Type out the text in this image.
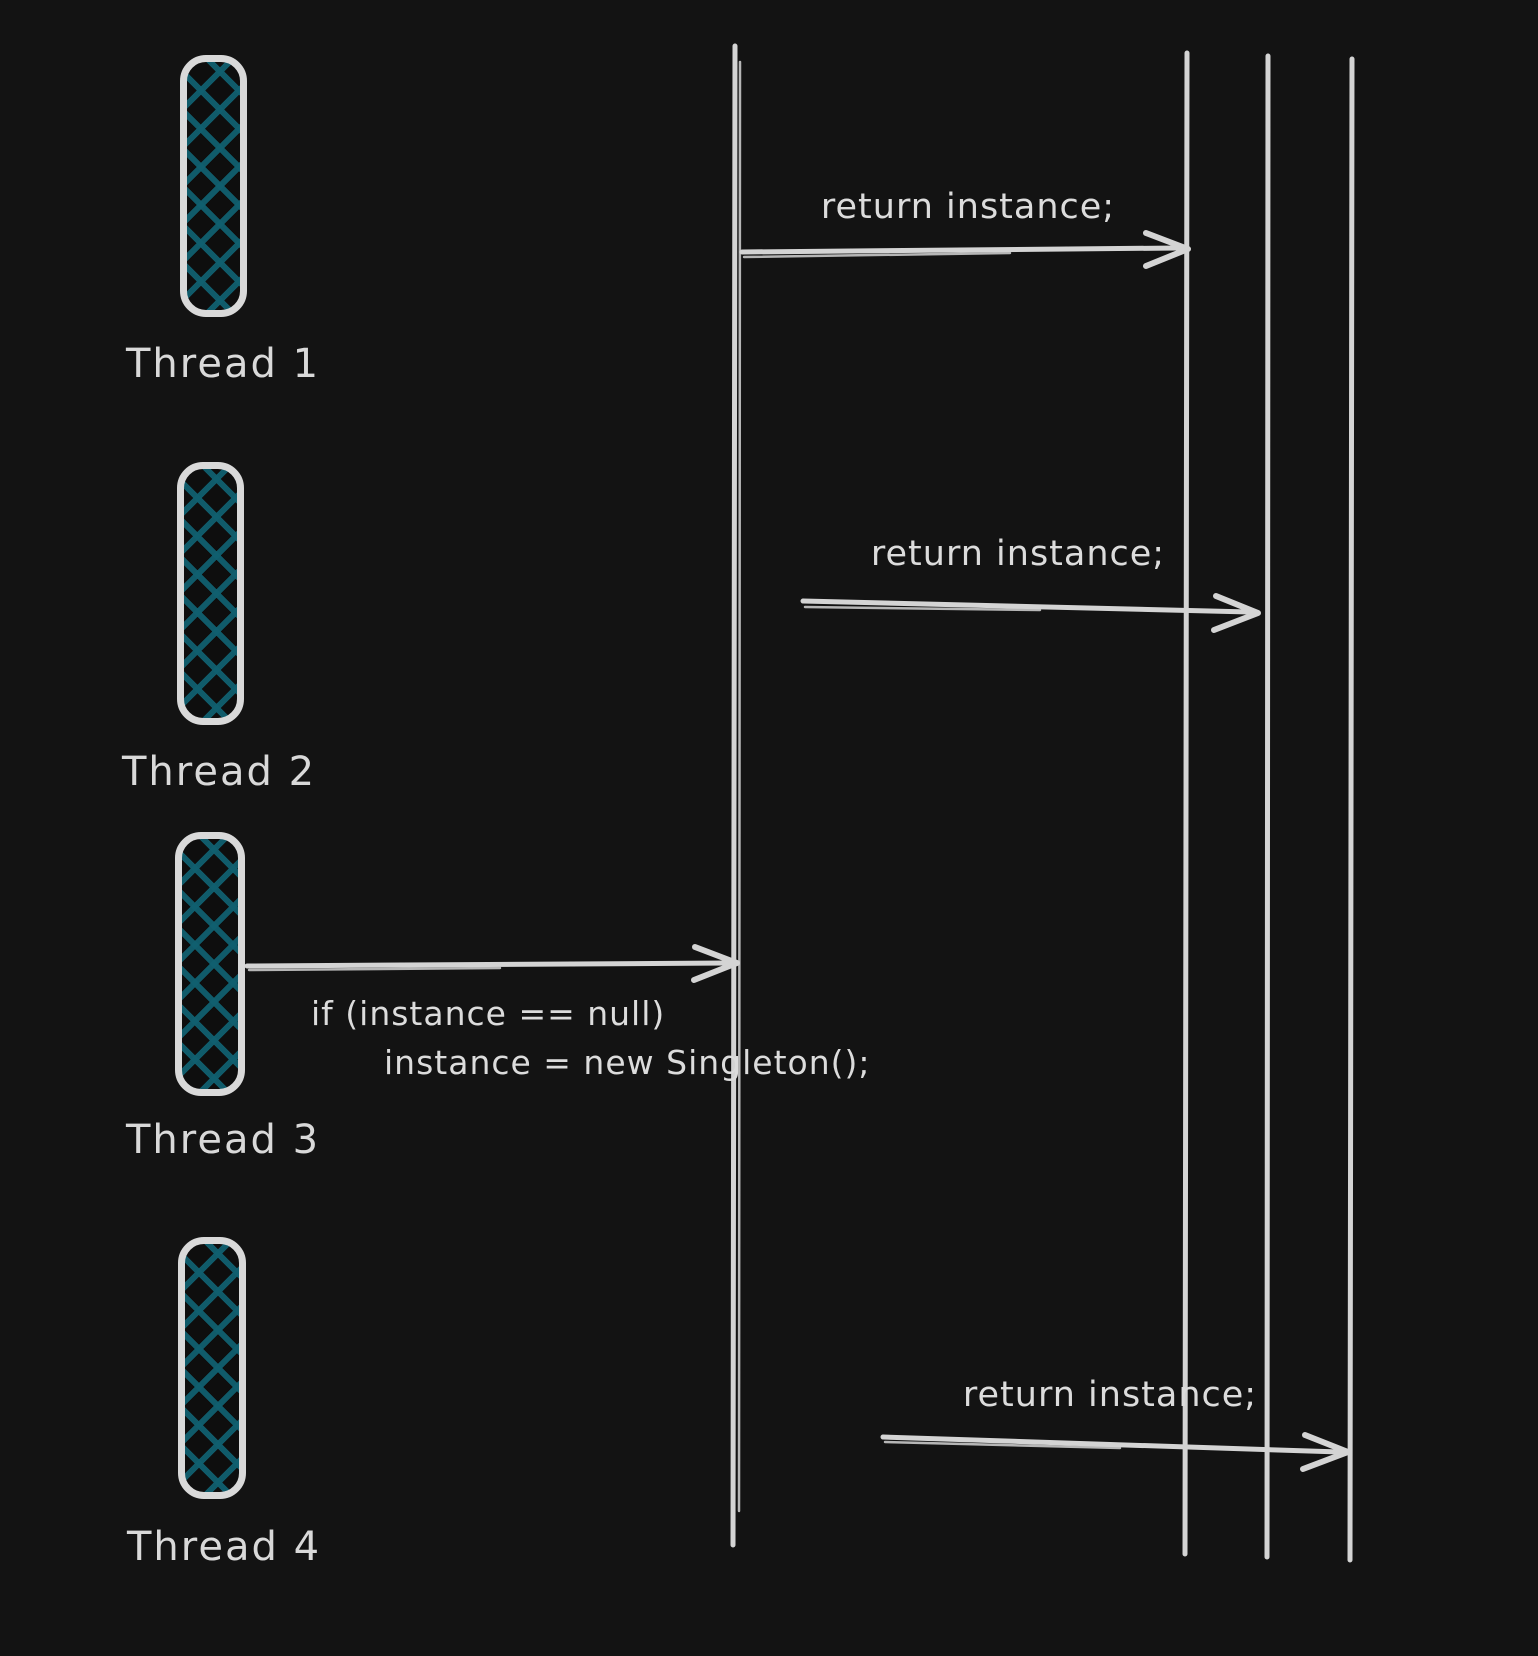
Thread 1
Thread 2
Thread 3
Thread 4
return instance;
return instance;
return instance;
if (instance == null)
instance = new Singleton();
